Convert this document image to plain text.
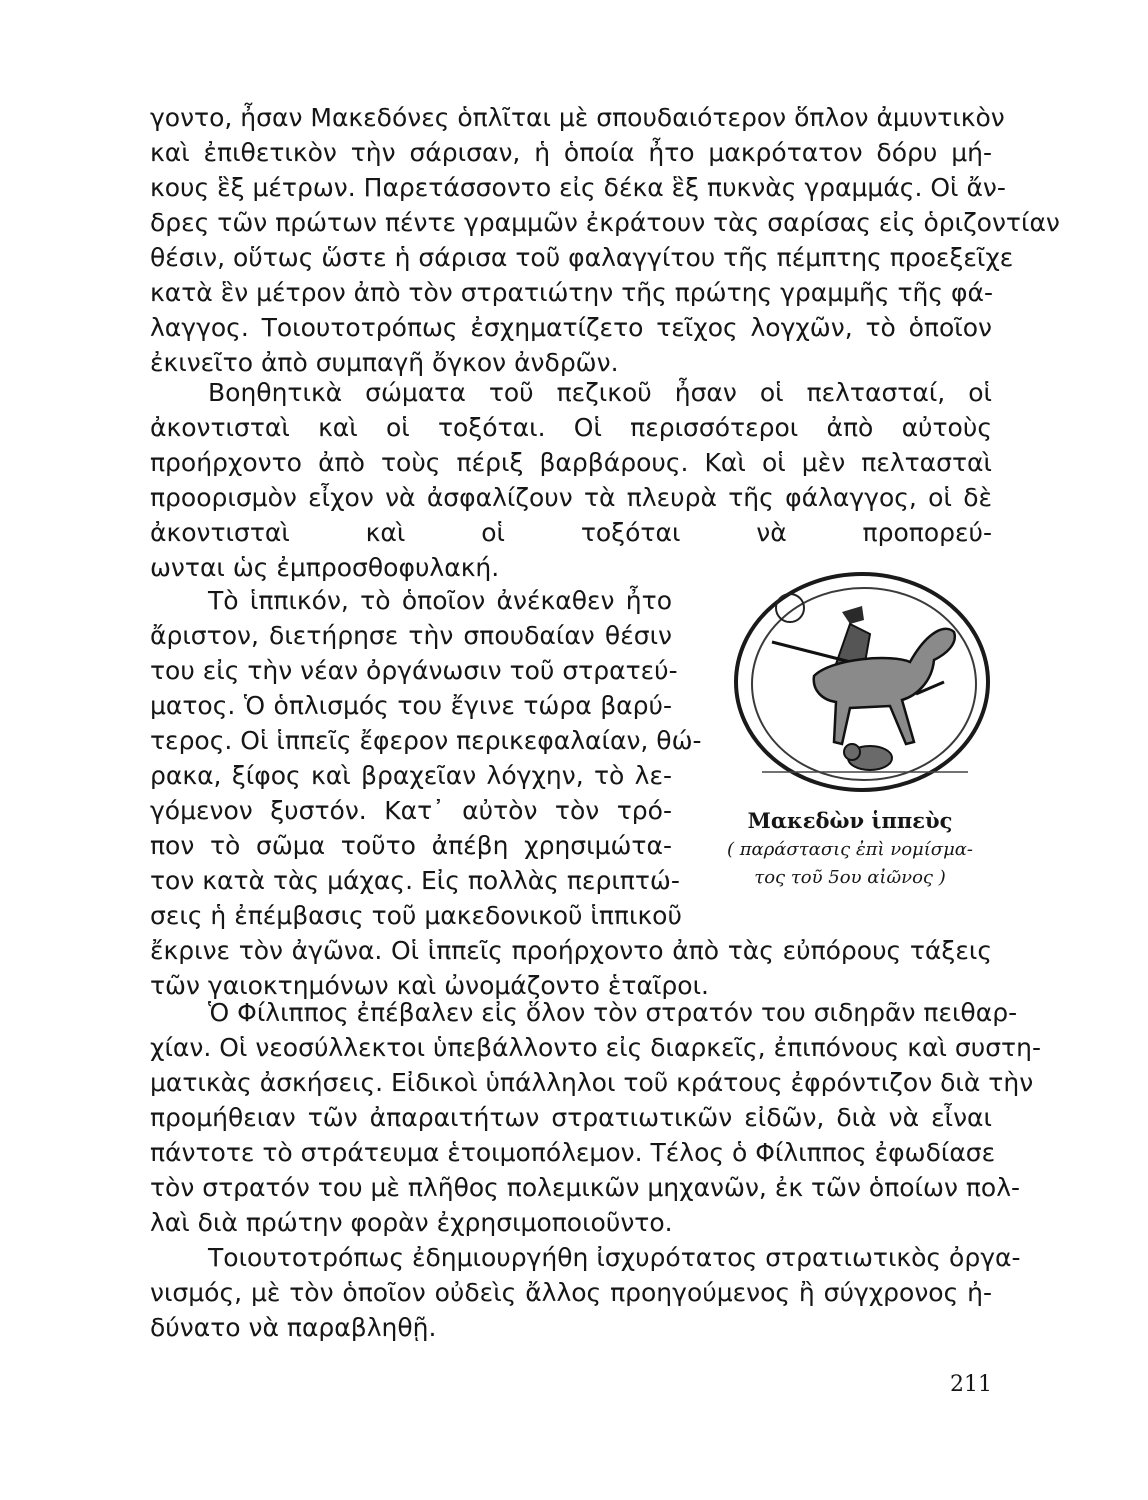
γοντο, ἦσαν Μακεδόνες ὁπλῖται μὲ σπουδαιότερον ὅπλον ἀμυντικὸν
καὶ ἐπιθετικὸν τὴν σάρισαν, ἡ ὁποία ἦτο μακρότατον δόρυ μή-
κους ἓξ μέτρων. Παρετάσσοντο εἰς δέκα ἓξ πυκνὰς γραμμάς. Οἱ ἄν-
δρες τῶν πρώτων πέντε γραμμῶν ἐκράτουν τὰς σαρίσας εἰς ὁριζοντίαν
θέσιν, οὕτως ὥστε ἡ σάρισα τοῦ φαλαγγίτου τῆς πέμπτης προεξεῖχε
κατὰ ἓν μέτρον ἀπὸ τὸν στρατιώτην τῆς πρώτης γραμμῆς τῆς φά-
λαγγος. Τοιουτοτρόπως ἐσχηματίζετο τεῖχος λογχῶν, τὸ ὁποῖον
ἐκινεῖτο ἀπὸ συμπαγῆ ὄγκον ἀνδρῶν.
Βοηθητικὰ σώματα τοῦ πεζικοῦ ἦσαν οἱ πελτασταί, οἱ
ἀκοντισταὶ καὶ οἱ τοξόται. Οἱ περισσότεροι ἀπὸ αὐτοὺς
προήρχοντο ἀπὸ τοὺς πέριξ βαρβάρους. Καὶ οἱ μὲν πελτασταὶ
προορισμὸν εἶχον νὰ ἀσφαλίζουν τὰ πλευρὰ τῆς φάλαγγος, οἱ δὲ
ἀκοντισταὶ καὶ οἱ τοξόται νὰ προπορεύ-
ωνται ὡς ἐμπροσθοφυλακή.
Τὸ ἱππικόν, τὸ ὁποῖον ἀνέκαθεν ἦτο
ἄριστον, διετήρησε τὴν σπουδαίαν θέσιν
του εἰς τὴν νέαν ὀργάνωσιν τοῦ στρατεύ-
ματος. Ὁ ὁπλισμός του ἔγινε τώρα βαρύ-
τερος. Οἱ ἱππεῖς ἔφερον περικεφαλαίαν, θώ-
ρακα, ξίφος καὶ βραχεῖαν λόγχην, τὸ λε-
γόμενον ξυστόν. Κατ᾽ αὐτὸν τὸν τρό-
πον τὸ σῶμα τοῦτο ἀπέβη χρησιμώτα-
τον κατὰ τὰς μάχας. Εἰς πολλὰς περιπτώ-
σεις ἡ ἐπέμβασις τοῦ μακεδονικοῦ ἱππικοῦ
ἔκρινε τὸν ἀγῶνα. Οἱ ἱππεῖς προήρχοντο ἀπὸ τὰς εὐπόρους τάξεις
τῶν γαιοκτημόνων καὶ ὠνομάζοντο ἑταῖροι.
Ὁ Φίλιππος ἐπέβαλεν εἰς ὅλον τὸν στρατόν του σιδηρᾶν πειθαρ-
χίαν. Οἱ νεοσύλλεκτοι ὑπεβάλλοντο εἰς διαρκεῖς, ἐπιπόνους καὶ συστη-
ματικὰς ἀσκήσεις. Εἰδικοὶ ὑπάλληλοι τοῦ κράτους ἐφρόντιζον διὰ τὴν
προμήθειαν τῶν ἀπαραιτήτων στρατιωτικῶν εἰδῶν, διὰ νὰ εἶναι
πάντοτε τὸ στράτευμα ἑτοιμοπόλεμον. Τέλος ὁ Φίλιππος ἐφωδίασε
τὸν στρατόν του μὲ πλῆθος πολεμικῶν μηχανῶν, ἐκ τῶν ὁποίων πολ-
λαὶ διὰ πρώτην φορὰν ἐχρησιμοποιοῦντο.
Τοιουτοτρόπως ἐδημιουργήθη ἰσχυρότατος στρατιωτικὸς ὀργα-
νισμός, μὲ τὸν ὁποῖον οὐδεὶς ἄλλος προηγούμενος ἢ σύγχρονος ἠ-
δύνατο νὰ παραβληθῇ.
Μακεδὼν ἱππεὺς
( παράστασις ἐπὶ νομίσμα-
τος τοῦ 5ου αἰῶνος )
211
